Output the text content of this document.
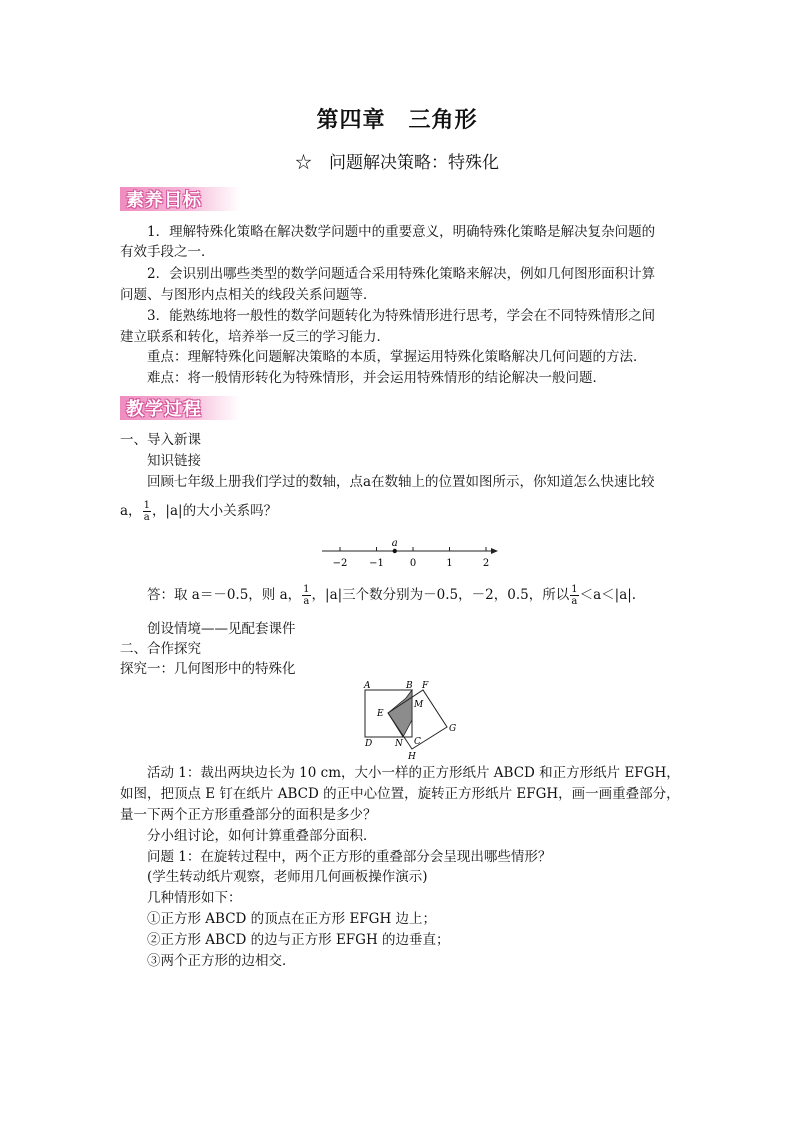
第四章　三角形
☆　问题解决策略：特殊化
素养目标
1．理解特殊化策略在解决数学问题中的重要意义，明确特殊化策略是解决复杂问题的
有效手段之一．
2．会识别出哪些类型的数学问题适合采用特殊化策略来解决，例如几何图形面积计算
问题、与图形内点相关的线段关系问题等．
3．能熟练地将一般性的数学问题转化为特殊情形进行思考，学会在不同特殊情形之间
建立联系和转化，培养举一反三的学习能力．
重点：理解特殊化问题解决策略的本质，掌握运用特殊化策略解决几何问题的方法．
难点：将一般情形转化为特殊情形，并会运用特殊情形的结论解决一般问题．
教学过程
一、导入新课
知识链接
回顾七年级上册我们学过的数轴，点a在数轴上的位置如图所示，你知道怎么快速比较
a， $\frac{1}{a}$ ，|a|的大小关系吗？
−2 −1	0	1	2
a
答：取 a＝－0.5，则 a， $\frac{1}{a}$ ，|a|三个数分别为－0.5，－2，0.5，所以 $\frac{1}{a} <a<|a|$.
创设情境——见配套课件
二、合作探究
探究一：几何图形中的特殊化
A	B F
E
M
G
D	N C
H
活动 1：裁出两块边长为 10 cm，大小一样的正方形纸片 ABCD 和正方形纸片 EFGH，
如图，把顶点 E 钉在纸片 ABCD 的正中心位置，旋转正方形纸片 EFGH，画一画重叠部分，
量一下两个正方形重叠部分的面积是多少？
分小组讨论，如何计算重叠部分面积．
问题 1：在旋转过程中，两个正方形的重叠部分会呈现出哪些情形？
(学生转动纸片观察，老师用几何画板操作演示)
几种情形如下：
①正方形 ABCD 的顶点在正方形 EFGH 边上；
②正方形 ABCD 的边与正方形 EFGH 的边垂直；
③两个正方形的边相交．
